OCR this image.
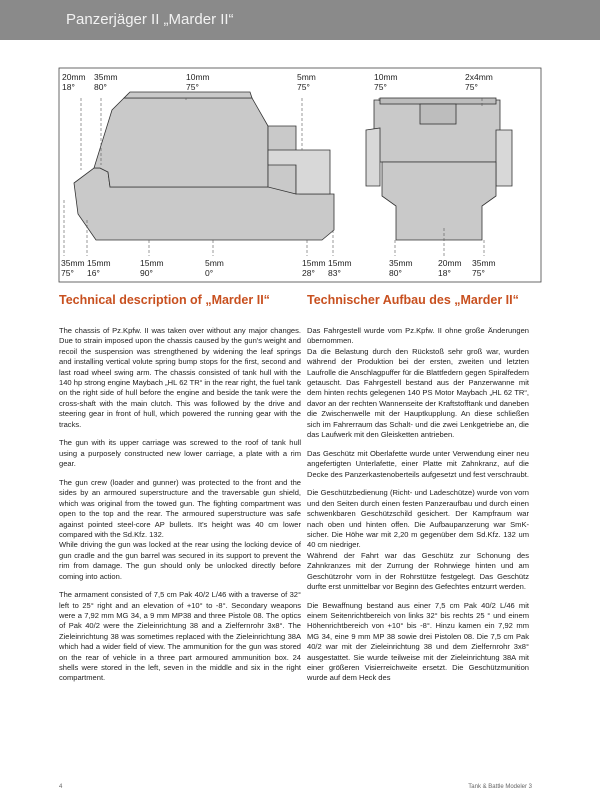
Panzerjäger II „Marder II“
20mm
18°
35mm
80°
10mm
75°
5mm
75°
35mm
75°
15mm
16°
15mm
90°
5mm
0°
15mm
28°
15mm
83°
10mm
75°
2x4mm
75°
35mm
80°
20mm
18°
35mm
75°
Technical description of „Marder II“	Technischer Aufbau des „Marder II“

The chassis of Pz.Kpfw. II was taken over without any major changes. Due to strain imposed upon the chassis caused by the gun's weight and recoil the suspension was strengthened by widening the leaf springs and installing vertical volute spring bump stops for the first, second and last road wheel swing arm. The chassis consisted of tank hull with the 140 hp strong engine Maybach „HL 62 TR“ in the rear right, the fuel tank on the right side of hull before the engine and beside the tank were the cross-shaft with the main clutch. This was followed by the drive and steering gear in front of hull, which powered the running gear with the tracks.

The gun with its upper carriage was screwed to the roof of tank hull using a purposely constructed new lower carriage, a plate with a rim gear.

The gun crew (loader and gunner) was protected to the front and the sides by an armoured superstructure and the traversable gun shield, which was original from the towed gun. The fighting compartment was open to the top and the rear. The armoured superstructure was safe against pointed steel-core AP bullets. It's height was 40 cm lower compared with the Sd.Kfz. 132.

While driving the gun was locked at the rear using the locking device of gun cradle and the gun barrel was secured in its support to prevent the rim from damage. The gun should only be unlocked directly before coming into action.

The armament consisted of 7,5 cm Pak 40/2 L/46 with a traverse of 32° left to 25° right and an elevation of +10° to -8°. Secondary weapons were a 7,92 mm MG 34, a 9 mm MP38 and three Pistole 08. The optics of Pak 40/2 were the Zieleinrichtung 38 and a Zielfernrohr 3x8°. The Zieleinrichtung 38 was sometimes replaced with the Zieleinrichtung 38A which had a wider field of view. The ammunition for the gun was stored on the rear of vehicle in a three part armoured ammunition box. 24 shells were stored in the left, seven in the middle and six in the right compartment.

Das Fahrgestell wurde vom Pz.Kpfw. II ohne große Änderungen übernommen.

Da die Belastung durch den Rückstoß sehr groß war, wurden während der Produktion bei der ersten, zweiten und letzten Laufrolle die Anschlagpuffer für die Blattfedern gegen Spiralfedern getauscht. Das Fahrgestell bestand aus der Panzerwanne mit dem hinten rechts gelegenen 140 PS Motor Maybach „HL 62 TR“, davor an der rechten Wannenseite der Kraftstofftank und daneben die Zwischenwelle mit der Hauptkupplung. An diese schließen sich im Fahrerraum das Schalt- und die zwei Lenkgetriebe an, die das Laufwerk mit den Gleisketten antrieben.

Das Geschütz mit Oberlafette wurde unter Verwendung einer neu angefertigten Unterlafette, einer Platte mit Zahnkranz, auf die Decke des Panzerkastenoberteils aufgesetzt und fest verschraubt.

Die Geschützbedienung (Richt- und Ladeschütze) wurde von vorn und den Seiten durch einen festen Panzeraufbau und durch einen schwenkbaren Geschützschild gesichert. Der Kampfraum war nach oben und hinten offen. Die Aufbaupanzerung war SmK-sicher. Die Höhe war mit 2,20 m gegenüber dem Sd.Kfz. 132 um 40 cm niedriger.

Während der Fahrt war das Geschütz zur Schonung des Zahnkranzes mit der Zurrung der Rohrwiege hinten und am Geschützrohr vorn in der Rohrstütze festgelegt. Das Geschütz durfte erst unmittelbar vor Beginn des Gefechtes entzurrt werden.

Die Bewaffnung bestand aus einer 7,5 cm Pak 40/2 L/46 mit einem Seitenrichtbereich von links 32° bis rechts 25 ° und einem Höhenrichtbereich von +10° bis -8°. Hinzu kamen ein 7,92 mm MG 34, eine 9 mm MP 38 sowie drei Pistolen 08. Die 7,5 cm Pak 40/2 war mit der Zieleinrichtung 38 und dem Zielfernrohr 3x8° ausgestattet. Sie wurde teilweise mit der Zieleinrichtung 38A mit einer größeren Visierreichweite ersetzt. Die Geschützmunition wurde auf dem Heck des

4	Tank & Battle Modeler 3
